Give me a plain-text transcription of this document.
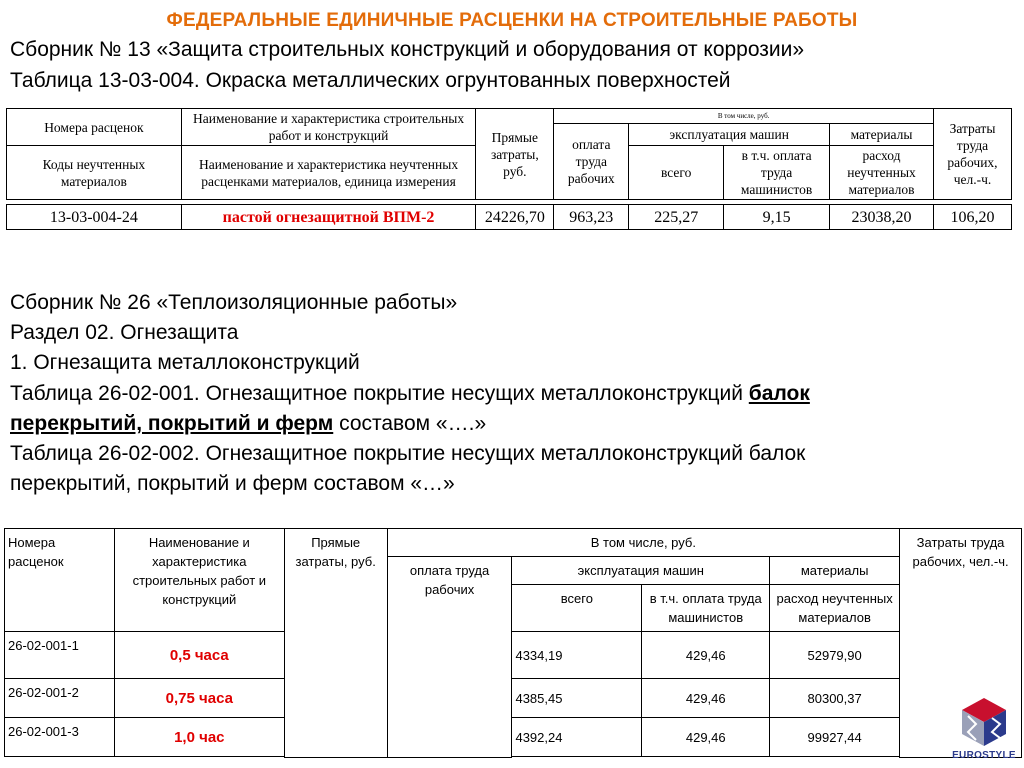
ФЕДЕРАЛЬНЫЕ ЕДИНИЧНЫЕ РАСЦЕНКИ НА СТРОИТЕЛЬНЫЕ РАБОТЫ
Сборник № 13 «Защита строительных конструкций и оборудования от коррозии»
Таблица 13-03-004. Окраска металлических огрунтованных поверхностей
Номера расценок	Наименование и характеристика строительных работ и конструкций	Прямые затраты, руб.	В том числе, руб.				Затраты труда рабочих, чел.-ч.
			оплата труда рабочих	эксплуатация машин		материалы	
Коды неучтенных материалов	Наименование и характеристика неучтенных расценками материалов, единица измерения			всего	в т.ч. оплата труда машинистов	расход неучтенных материалов	

13-03-004-24	пастой огнезащитной ВПМ-2	24226,70	963,23	225,27	9,15	23038,20	106,20
Сборник № 26 «Теплоизоляционные работы»
Раздел 02. Огнезащита
1. Огнезащита металлоконструкций
Таблица 26-02-001. Огнезащитное покрытие несущих металлоконструкций балок
перекрытий, покрытий и ферм составом «….»
Таблица 26-02-002. Огнезащитное покрытие несущих металлоконструкций балок
перекрытий, покрытий и ферм составом «…»
Номера расценок	Наименование и характеристика строительных работ и конструкций	Прямые затраты, руб.	В том числе, руб.				Затраты труда рабочих, чел.-ч.
			оплата труда рабочих	эксплуатация машин		материалы	
				всего	в т.ч. оплата труда машинистов	расход неучтенных материалов	
26-02-001-1	0,5 часа			4334,19	429,46	52979,90	
26-02-001-2	0,75 часа			4385,45	429,46	80300,37	
26-02-001-3	1,0 час			4392,24	429,46	99927,44	

EUROSTYLE
